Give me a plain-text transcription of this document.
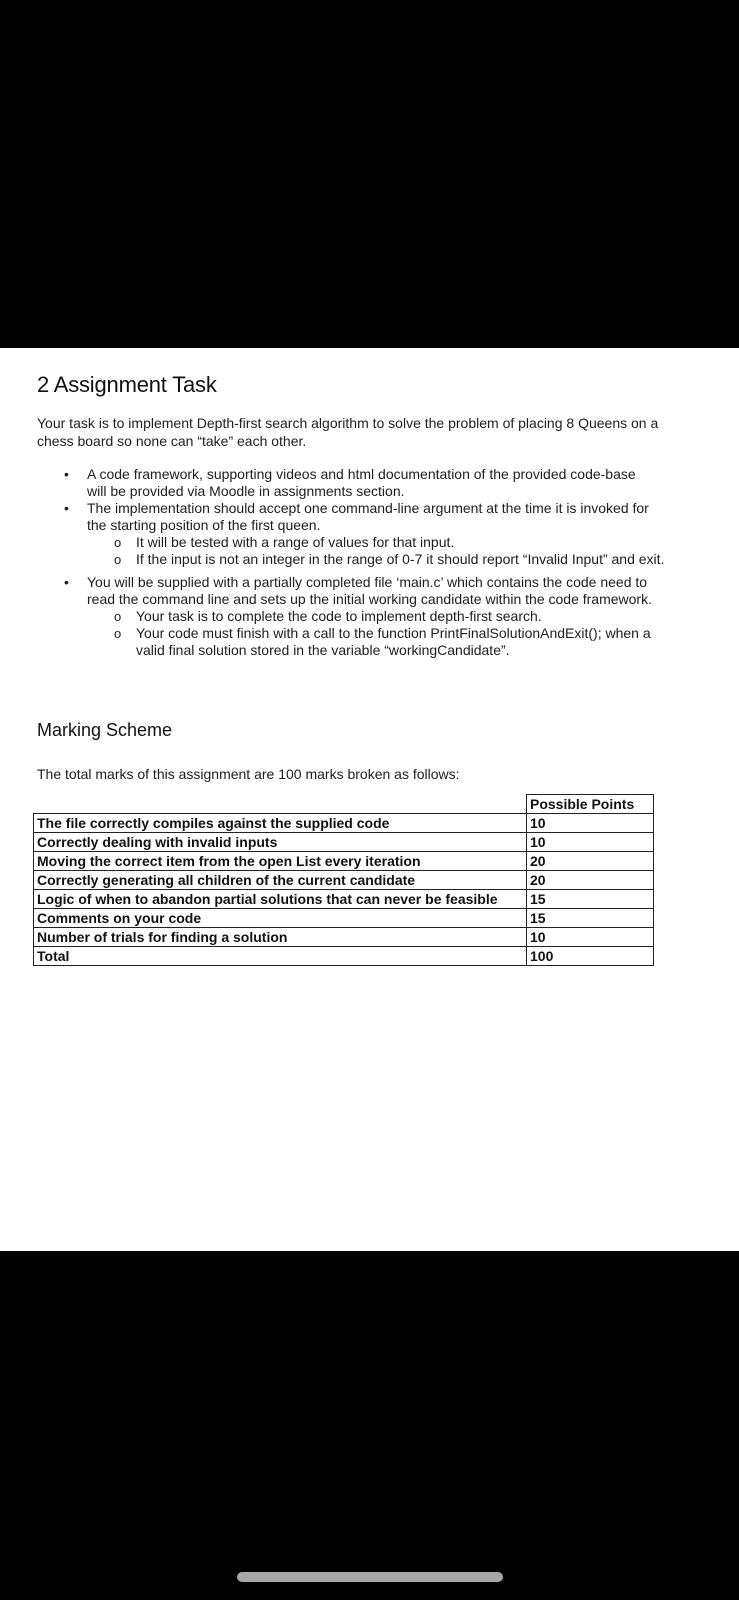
2 Assignment Task
Your task is to implement Depth-first search algorithm to solve the problem of placing 8 Queens on a chess board so none can “take” each other.
• A code framework, supporting videos and html documentation of the provided code-base will be provided via Moodle in assignments section.
• The implementation should accept one command-line argument at the time it is invoked for the starting position of the first queen.
o It will be tested with a range of values for that input.
o If the input is not an integer in the range of 0-7 it should report “Invalid Input” and exit.
• You will be supplied with a partially completed file ‘main.c’ which contains the code need to read the command line and sets up the initial working candidate within the code framework.
o Your task is to complete the code to implement depth-first search.
o Your code must finish with a call to the function PrintFinalSolutionAndExit(); when a valid final solution stored in the variable “workingCandidate”.
Marking Scheme
The total marks of this assignment are 100 marks broken as follows:
	Possible Points
The file correctly compiles against the supplied code	10
Correctly dealing with invalid inputs	10
Moving the correct item from the open List every iteration	20
Correctly generating all children of the current candidate	20
Logic of when to abandon partial solutions that can never be feasible	15
Comments on your code	15
Number of trials for finding a solution	10
Total	100
